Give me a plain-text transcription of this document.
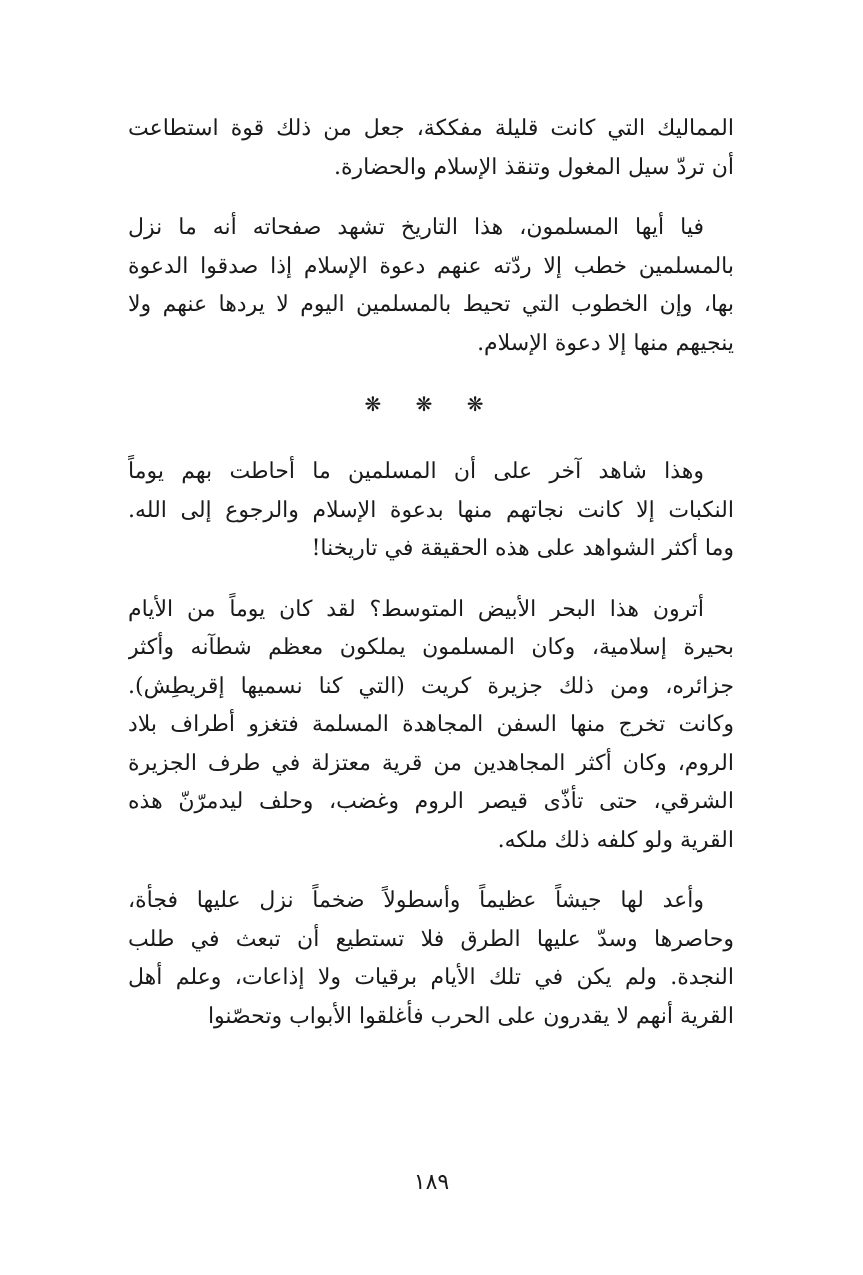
المماليك التي كانت قليلة مفككة، جعل من ذلك قوة استطاعت
أن تردّ سيل المغول وتنقذ الإسلام والحضارة.

فيا أيها المسلمون، هذا التاريخ تشهد صفحاته أنه ما نزل
بالمسلمين خطب إلا ردّته عنهم دعوة الإسلام إذا صدقوا الدعوة
بها، وإن الخطوب التي تحيط بالمسلمين اليوم لا يردها عنهم ولا
ينجيهم منها إلا دعوة الإسلام.

❋ ❋ ❋

وهذا شاهد آخر على أن المسلمين ما أحاطت بهم يوماً
النكبات إلا كانت نجاتهم منها بدعوة الإسلام والرجوع إلى الله.
وما أكثر الشواهد على هذه الحقيقة في تاريخنا!

أترون هذا البحر الأبيض المتوسط؟ لقد كان يوماً من الأيام
بحيرة إسلامية، وكان المسلمون يملكون معظم شطآنه وأكثر
جزائره، ومن ذلك جزيرة كريت (التي كنا نسميها إقريطِش).
وكانت تخرج منها السفن المجاهدة المسلمة فتغزو أطراف بلاد
الروم، وكان أكثر المجاهدين من قرية معتزلة في طرف الجزيرة
الشرقي، حتى تأذّى قيصر الروم وغضب، وحلف ليدمرّنّ هذه
القرية ولو كلفه ذلك ملكه.

وأعد لها جيشاً عظيماً وأسطولاً ضخماً نزل عليها فجأة،
وحاصرها وسدّ عليها الطرق فلا تستطيع أن تبعث في طلب
النجدة. ولم يكن في تلك الأيام برقيات ولا إذاعات، وعلم أهل
القرية أنهم لا يقدرون على الحرب فأغلقوا الأبواب وتحصّنوا

١٨٩
